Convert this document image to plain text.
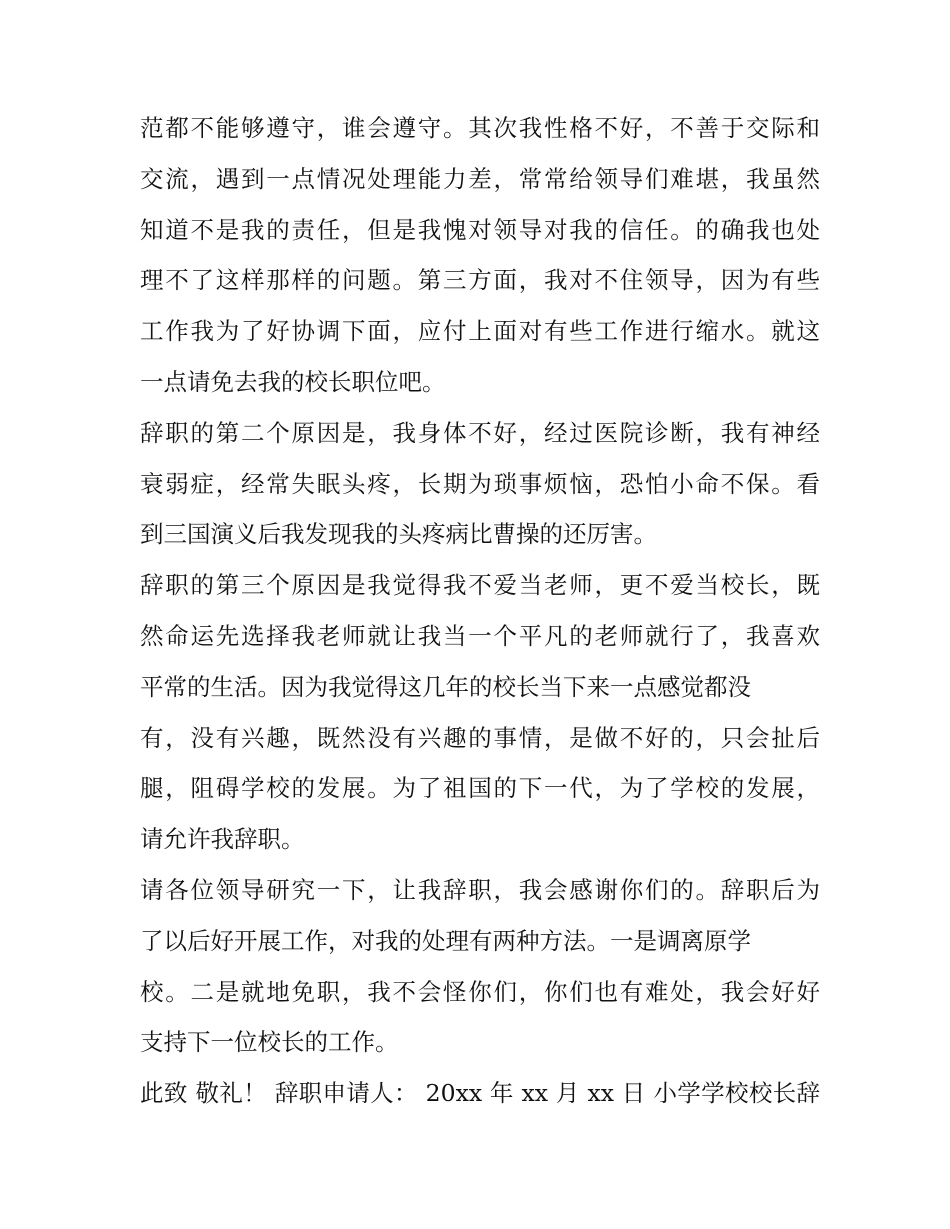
范都不能够遵守，谁会遵守。其次我性格不好，不善于交际和
交流，遇到一点情况处理能力差，常常给领导们难堪，我虽然
知道不是我的责任，但是我愧对领导对我的信任。的确我也处
理不了这样那样的问题。第三方面，我对不住领导，因为有些
工作我为了好协调下面，应付上面对有些工作进行缩水。就这
一点请免去我的校长职位吧。
辞职的第二个原因是，我身体不好，经过医院诊断，我有神经
衰弱症，经常失眠头疼，长期为琐事烦恼，恐怕小命不保。看
到三国演义后我发现我的头疼病比曹操的还厉害。
辞职的第三个原因是我觉得我不爱当老师，更不爱当校长，既
然命运先选择我老师就让我当一个平凡的老师就行了，我喜欢
平常的生活。因为我觉得这几年的校长当下来一点感觉都没
有，没有兴趣，既然没有兴趣的事情，是做不好的，只会扯后
腿，阻碍学校的发展。为了祖国的下一代，为了学校的发展，
请允许我辞职。
请各位领导研究一下，让我辞职，我会感谢你们的。辞职后为
了以后好开展工作，对我的处理有两种方法。一是调离原学
校。二是就地免职，我不会怪你们，你们也有难处，我会好好
支持下一位校长的工作。
此致 敬礼！ 辞职申请人： 20xx 年 xx 月 xx 日 小学学校校长辞
